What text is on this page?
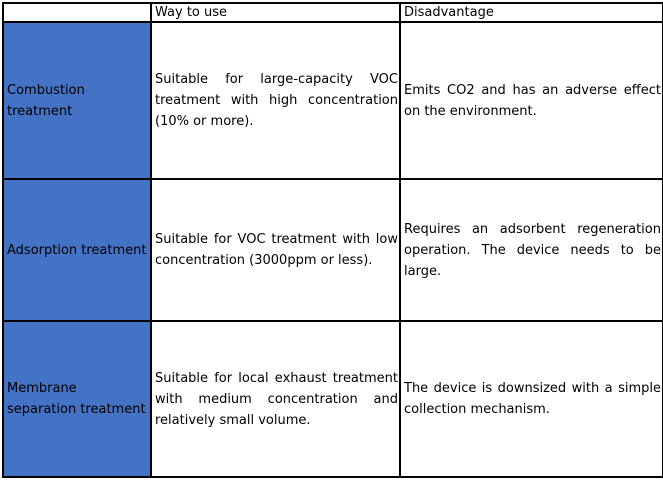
	Way to use	Disadvantage
Combustion treatment	Suitable for large-capacity VOC treatment with high concentration (10% or more).	Emits CO2 and has an adverse effect on the environment.
Adsorption treatment	Suitable for VOC treatment with low concentration (3000ppm or less).	Requires an adsorbent regeneration operation. The device needs to be large.
Membrane separation treatment	Suitable for local exhaust treatment with medium concentration and relatively small volume.	The device is downsized with a simple collection mechanism.
